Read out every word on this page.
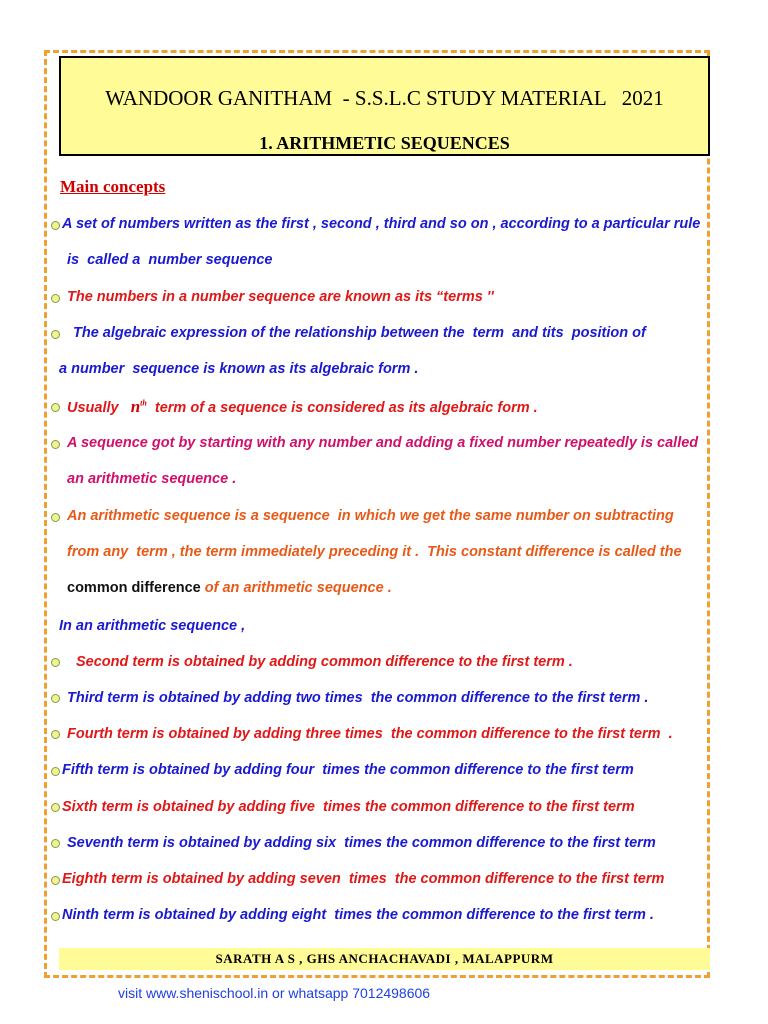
WANDOOR GANITHAM  - S.S.L.C STUDY MATERIAL   2021
1. ARITHMETIC SEQUENCES
Main concepts
A set of numbers written as the first , second , third and so on , according to a particular rule
is  called a  number sequence
The numbers in a number sequence are known as its “terms ''
The algebraic expression of the relationship between the  term  and tits  position of
a number  sequence is known as its algebraic form .
Usually $n^{th}$ term of a sequence is considered as its algebraic form .
A sequence got by starting with any number and adding a fixed number repeatedly is called
an arithmetic sequence .
An arithmetic sequence is a sequence  in which we get the same number on subtracting
from any  term , the term immediately preceding it .  This constant difference is called the
common difference of an arithmetic sequence .
In an arithmetic sequence ,
Second term is obtained by adding common difference to the first term .
Third term is obtained by adding two times  the common difference to the first term .
Fourth term is obtained by adding three times  the common difference to the first term  .
Fifth term is obtained by adding four  times the common difference to the first term
Sixth term is obtained by adding five  times the common difference to the first term
Seventh term is obtained by adding six  times the common difference to the first term
Eighth term is obtained by adding seven  times  the common difference to the first term
Ninth term is obtained by adding eight  times the common difference to the first term .
SARATH A S , GHS ANCHACHAVADI , MALAPPURM
visit www.shenischool.in or whatsapp 7012498606
